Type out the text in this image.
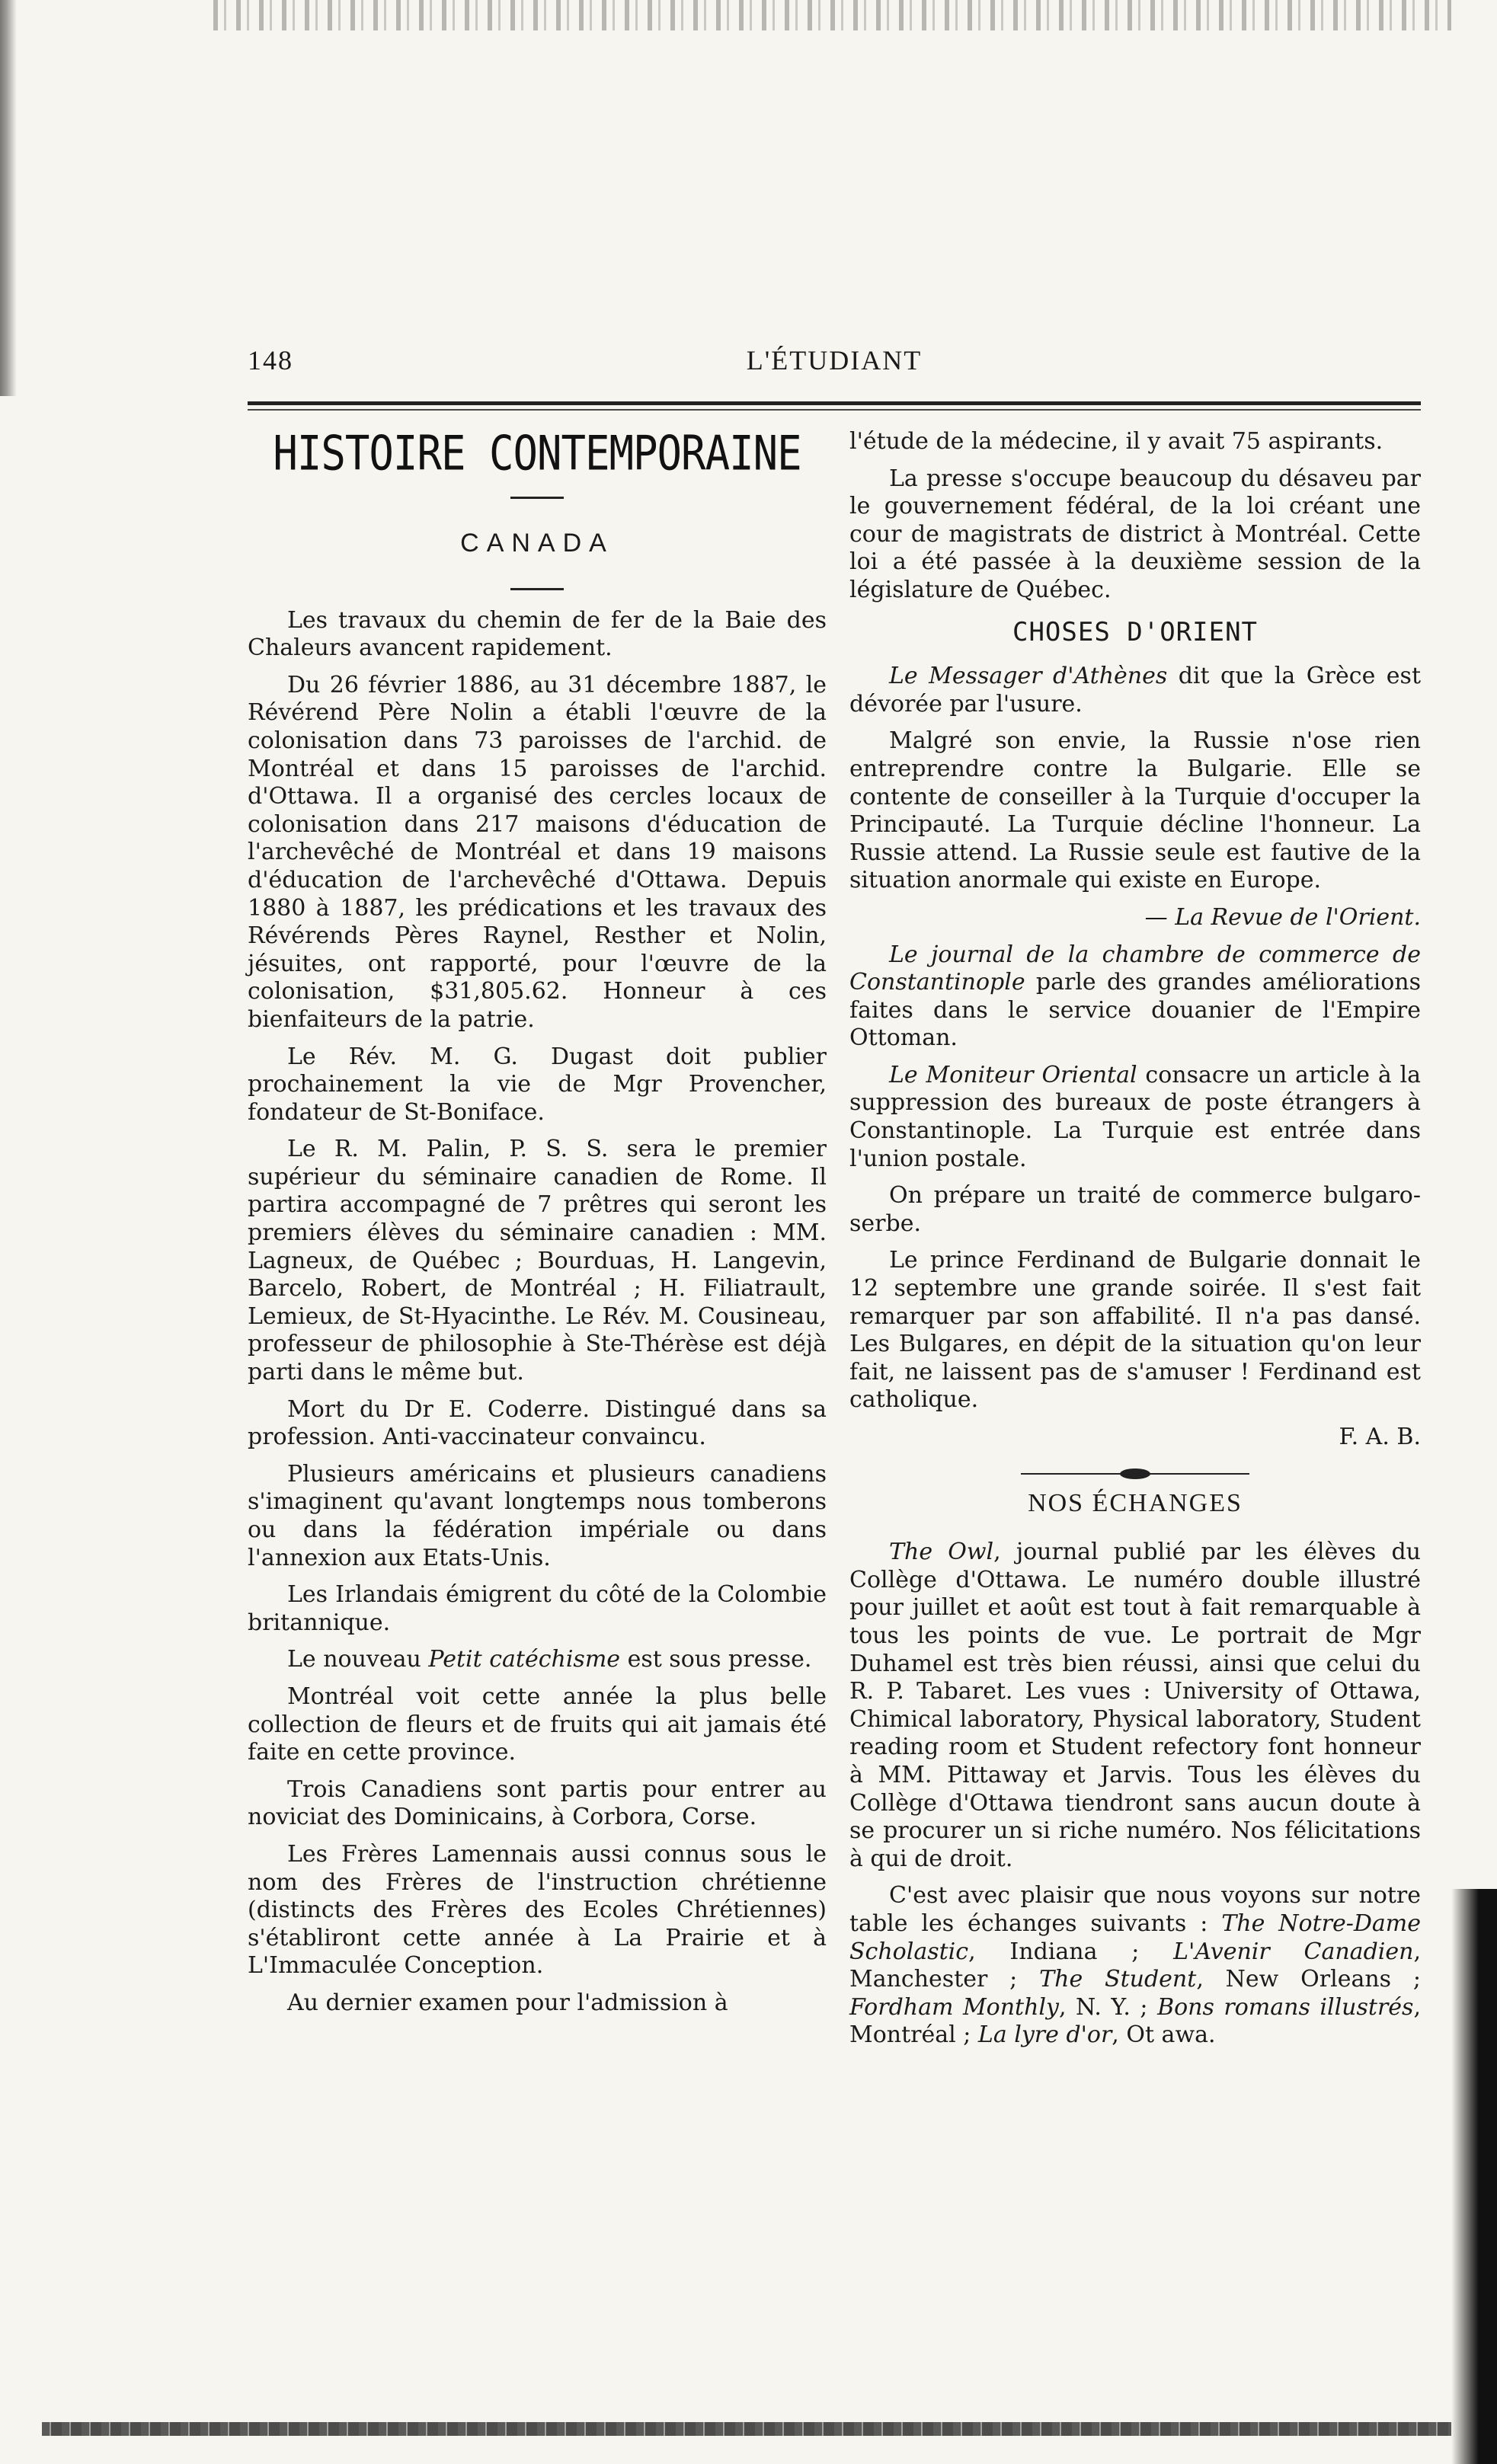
148	L'ÉTUDIANT
HISTOIRE CONTEMPORAINE
CANADA

Les travaux du chemin de fer de la Baie des Chaleurs avancent rapidement.

Du 26 février 1886, au 31 décembre 1887, le Révérend Père Nolin a établi l'œuvre de la colonisation dans 73 paroisses de l'archid. de Montréal et dans 15 paroisses de l'archid. d'Ottawa. Il a organisé des cercles locaux de colonisation dans 217 maisons d'éducation de l'archevêché de Montréal et dans 19 maisons d'éducation de l'archevêché d'Ottawa. Depuis 1880 à 1887, les prédications et les travaux des Révérends Pères Raynel, Resther et Nolin, jésuites, ont rapporté, pour l'œuvre de la colonisation, $31,805.62. Honneur à ces bienfaiteurs de la patrie.

Le Rév. M. G. Dugast doit publier prochainement la vie de Mgr Provencher, fondateur de St-Boniface.

Le R. M. Palin, P. S. S. sera le premier supérieur du séminaire canadien de Rome. Il partira accompagné de 7 prêtres qui seront les premiers élèves du séminaire canadien : MM. Lagneux, de Québec ; Bourduas, H. Langevin, Barcelo, Robert, de Montréal ; H. Filiatrault, Lemieux, de St-Hyacinthe. Le Rév. M. Cousineau, professeur de philosophie à Ste-Thérèse est déjà parti dans le même but.

Mort du Dr E. Coderre. Distingué dans sa profession. Anti-vaccinateur convaincu.

Plusieurs américains et plusieurs canadiens s'imaginent qu'avant longtemps nous tomberons ou dans la fédération impériale ou dans l'annexion aux Etats-Unis.

Les Irlandais émigrent du côté de la Colombie britannique.

Le nouveau Petit catéchisme est sous presse.

Montréal voit cette année la plus belle collection de fleurs et de fruits qui ait jamais été faite en cette province.

Trois Canadiens sont partis pour entrer au noviciat des Dominicains, à Corbora, Corse.

Les Frères Lamennais aussi connus sous le nom des Frères de l'instruction chrétienne (distincts des Frères des Ecoles Chrétiennes) s'établiront cette année à La Prairie et à L'Immaculée Conception.

Au dernier examen pour l'admission à

l'étude de la médecine, il y avait 75 aspirants.

La presse s'occupe beaucoup du désaveu par le gouvernement fédéral, de la loi créant une cour de magistrats de district à Montréal. Cette loi a été passée à la deuxième session de la législature de Québec.

CHOSES D'ORIENT

Le Messager d'Athènes dit que la Grèce est dévorée par l'usure.

Malgré son envie, la Russie n'ose rien entreprendre contre la Bulgarie. Elle se contente de conseiller à la Turquie d'occuper la Principauté. La Turquie décline l'honneur. La Russie attend. La Russie seule est fautive de la situation anormale qui existe en Europe.

— La Revue de l'Orient.

Le journal de la chambre de commerce de Constantinople parle des grandes améliorations faites dans le service douanier de l'Empire Ottoman.

Le Moniteur Oriental consacre un article à la suppression des bureaux de poste étrangers à Constantinople. La Turquie est entrée dans l'union postale.

On prépare un traité de commerce bulgaro-serbe.

Le prince Ferdinand de Bulgarie donnait le 12 septembre une grande soirée. Il s'est fait remarquer par son affabilité. Il n'a pas dansé. Les Bulgares, en dépit de la situation qu'on leur fait, ne laissent pas de s'amuser ! Ferdinand est catholique.

F. A. B.

NOS ÉCHANGES

The Owl, journal publié par les élèves du Collège d'Ottawa. Le numéro double illustré pour juillet et août est tout à fait remarquable à tous les points de vue. Le portrait de Mgr Duhamel est très bien réussi, ainsi que celui du R. P. Tabaret. Les vues : University of Ottawa, Chimical laboratory, Physical laboratory, Student reading room et Student refectory font honneur à MM. Pittaway et Jarvis. Tous les élèves du Collège d'Ottawa tiendront sans aucun doute à se procurer un si riche numéro. Nos félicitations à qui de droit.

C'est avec plaisir que nous voyons sur notre table les échanges suivants : The Notre-Dame Scholastic, Indiana ; L'Avenir Canadien, Manchester ; The Student, New Orleans ; Fordham Monthly, N. Y. ; Bons romans illustrés, Montréal ; La lyre d'or, Ot awa.
